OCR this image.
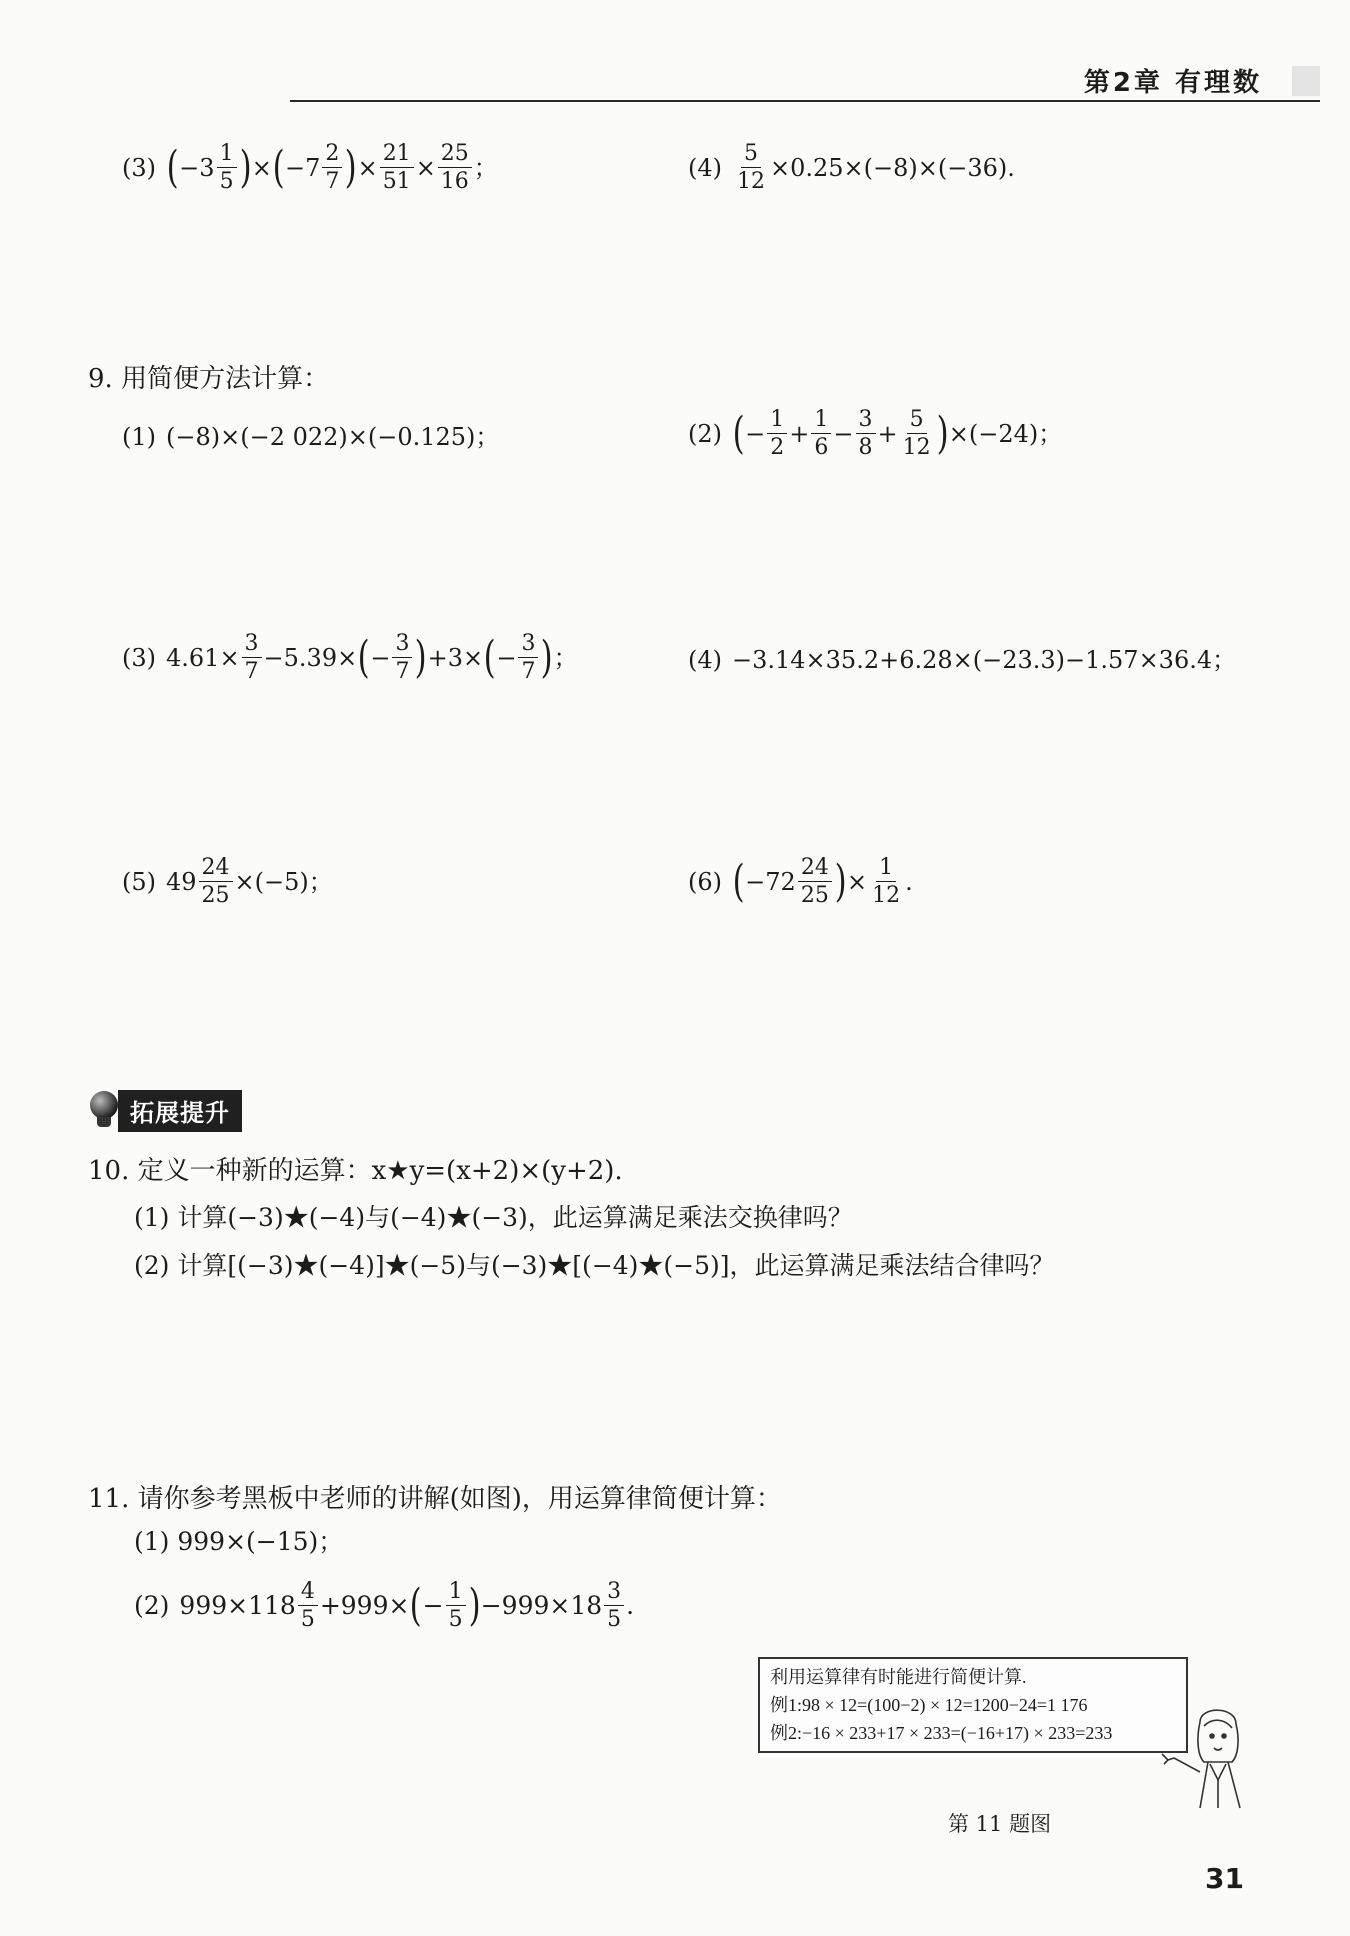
第2章 有理数
(3) ( $-3 \frac{1}{5}$ ) × ( $-7 \frac{2}{7}$ ) × $\frac{21}{51} \times \frac{25}{16}$ ；	$(4) \frac{5}{12} \times 0.25\times(-8)\times(-36)$.
9. 用简便方法计算：
(1) (−8)×(−2 022)×(−0.125)；	(2) ( − $\frac{1}{2} + \frac{1}{6} - \frac{3}{8} + \frac{5}{12}$ ) ×(−24)；
(3) $4.61\times \frac{3}{7} -5.39\times$ ( − $\frac{3}{7}$ ) +3× ( − $\frac{3}{7}$ ) ；	(4) −3.14×35.2+6.28×(−23.3)−1.57×36.4；
(5) $49 \frac{24}{25} \times(-5)$；	(6) ( $-72 \frac{24}{25}$ ) × $\frac{1}{12}$ .
拓展提升
10. 定义一种新的运算：x★y=(x+2)×(y+2).
(1) 计算(−3)★(−4)与(−4)★(−3)，此运算满足乘法交换律吗？
(2) 计算[(−3)★(−4)]★(−5)与(−3)★[(−4)★(−5)]，此运算满足乘法结合律吗？
11. 请你参考黑板中老师的讲解(如图)，用运算律简便计算：
(1) 999×(−15)；
(2) $999\times 118 \frac{4}{5} +999\times$ ( − $\frac{1}{5}$ ) $-999\times 18 \frac{3}{5}$ .
利用运算律有时能进行简便计算.
例1:98 × 12=(100−2) × 12=1200−24=1 176
例2:−16 × 233+17 × 233=(−16+17) × 233=233
第 11 题图
31
